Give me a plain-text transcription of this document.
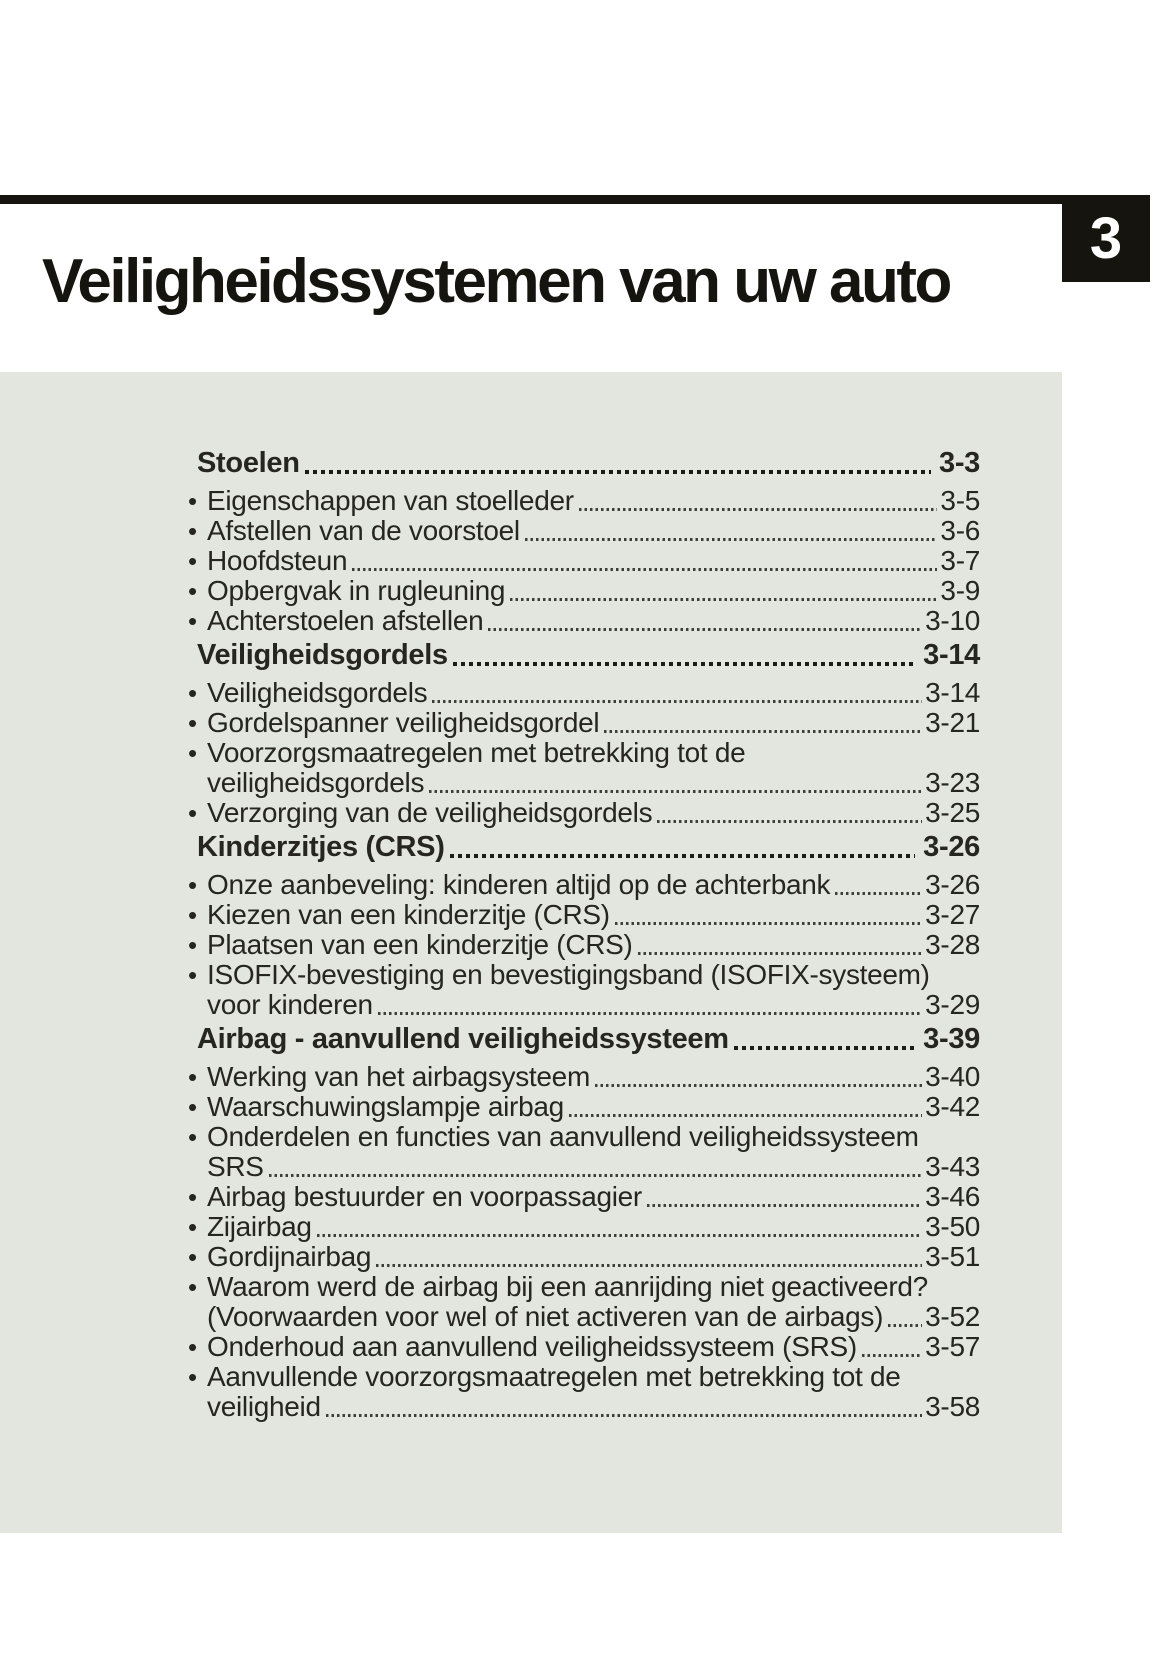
Veiligheidssystemen van uw auto
3
Stoelen	3-3
• Eigenschappen van stoelleder	3-5
• Afstellen van de voorstoel	3-6
• Hoofdsteun	3-7
• Opbergvak in rugleuning	3-9
• Achterstoelen afstellen	3-10
Veiligheidsgordels	3-14
• Veiligheidsgordels	3-14
• Gordelspanner veiligheidsgordel	3-21
• Voorzorgsmaatregelen met betrekking tot de
veiligheidsgordels	3-23
• Verzorging van de veiligheidsgordels	3-25
Kinderzitjes (CRS)	3-26
• Onze aanbeveling: kinderen altijd op de achterbank	3-26
• Kiezen van een kinderzitje (CRS)	3-27
• Plaatsen van een kinderzitje (CRS)	3-28
• ISOFIX-bevestiging en bevestigingsband (ISOFIX-systeem)
voor kinderen	3-29
Airbag - aanvullend veiligheidssysteem	3-39
• Werking van het airbagsysteem	3-40
• Waarschuwingslampje airbag	3-42
• Onderdelen en functies van aanvullend veiligheidssysteem
SRS	3-43
• Airbag bestuurder en voorpassagier	3-46
• Zijairbag	3-50
• Gordijnairbag	3-51
• Waarom werd de airbag bij een aanrijding niet geactiveerd?
(Voorwaarden voor wel of niet activeren van de airbags) 3-52
• Onderhoud aan aanvullend veiligheidssysteem (SRS) 3-57
• Aanvullende voorzorgsmaatregelen met betrekking tot de
veiligheid	3-58
